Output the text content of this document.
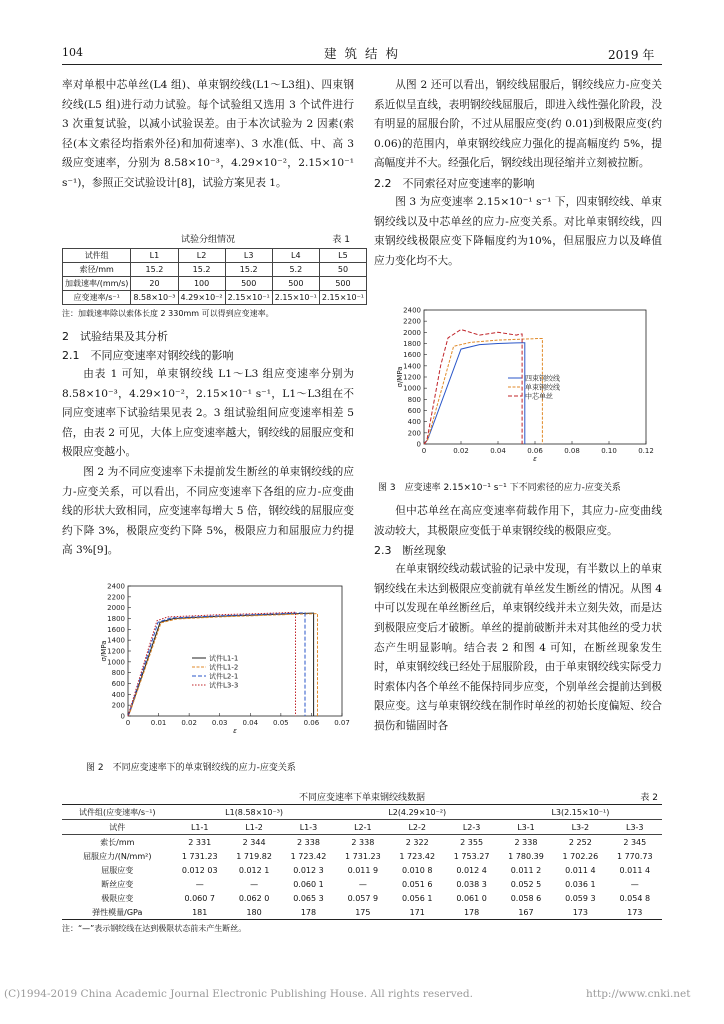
104	建 筑 结 构	2019 年

率对单根中芯单丝(L4 组)、单束钢绞线(L1～L3组)、四束钢绞线(L5 组)进行动力试验。每个试验组又选用 3 个试件进行 3 次重复试验，以减小试验误差。由于本次试验为 2 因素(索径(本文索径均指索外径)和加荷速率)、3 水准(低、中、高 3 级应变速率，分别为 8.58×10⁻³，4.29×10⁻²，2.15×10⁻¹ s⁻¹)，参照正交试验设计[8]，试验方案见表 1。

试验分组情况	表 1
试件组	L1	L2	L3	L4	L5
索径/mm	15.2	15.2	15.2	5.2	50
加载速率/(mm/s)	20	100	500	500	500
应变速率/s⁻¹	8.58×10⁻³	4.29×10⁻²	2.15×10⁻¹	2.15×10⁻¹	2.15×10⁻¹
注：加载速率除以索体长度 2 330mm 可以得到应变速率。

2　试验结果及其分析

2.1　不同应变速率对钢绞线的影响

由表 1 可知，单束钢绞线 L1～L3 组应变速率分别为 8.58×10⁻³，4.29×10⁻²，2.15×10⁻¹ s⁻¹，L1～L3组在不同应变速率下试验结果见表 2。3 组试验组间应变速率相差 5 倍，由表 2 可见，大体上应变速率越大，钢绞线的屈服应变和极限应变越小。

图 2 为不同应变速率下未提前发生断丝的单束钢绞线的应力-应变关系，可以看出，不同应变速率下各组的应力-应变曲线的形状大致相同，应变速率每增大 5 倍，钢绞线的屈服应变约下降 3%，极限应变约下降 5%，极限应力和屈服应力约提高 3%[9]。

0
200
400
600
800
1000
1200
1400
1600
1800
2000
2200
2400
0	0.01 0.02 0.03 0.04 0.05 0.06 0.07
ε
σ/MPa	试件L1-1
试件L1-2
试件L2-1
试件L3-3
图 2　不同应变速率下的单束钢绞线的应力-应变关系

从图 2 还可以看出，钢绞线屈服后，钢绞线应力-应变关系近似呈直线，表明钢绞线屈服后，即进入线性强化阶段，没有明显的屈服台阶，不过从屈服应变(约 0.01)到极限应变(约 0.06)的范围内，单束钢绞线应力强化的提高幅度约 5%，提高幅度并不大。经强化后，钢绞线出现径缩并立刻被拉断。

2.2　不同索径对应变速率的影响

图 3 为应变速率 2.15×10⁻¹ s⁻¹ 下，四束钢绞线、单束钢绞线以及中芯单丝的应力-应变关系。对比单束钢绞线，四束钢绞线极限应变下降幅度约为10%，但屈服应力以及峰值应力变化均不大。

0
200
400
600
800
1000
1200
1400
1600
1800
2000
2200
2400
0	0.02	0.04	0.06	0.08	0.10	0.12
ε
σ/MPa	四束钢绞线
单束钢绞线
中芯单丝
图 3　应变速率 2.15×10⁻¹ s⁻¹ 下不同索径的应力-应变关系

但中芯单丝在高应变速率荷载作用下，其应力-应变曲线波动较大，其极限应变低于单束钢绞线的极限应变。

2.3　断丝现象

在单束钢绞线动载试验的记录中发现，有半数以上的单束钢绞线在未达到极限应变前就有单丝发生断丝的情况。从图 4 中可以发现在单丝断丝后，单束钢绞线并未立刻失效，而是达到极限应变后才破断。单丝的提前破断并未对其他丝的受力状态产生明显影响。结合表 2 和图 4 可知，在断丝现象发生时，单束钢绞线已经处于屈服阶段，由于单束钢绞线实际受力时索体内各个单丝不能保持同步应变，个别单丝会提前达到极限应变。这与单束钢绞线在制作时单丝的初始长度偏短、绞合损伤和锚固时各

不同应变速率下单束钢绞线数据	表 2
试件组(应变速率/s⁻¹)	L1(8.58×10⁻³)			L2(4.29×10⁻²)			L3(2.15×10⁻¹)		
试件	L1-1	L1-2	L1-3	L2-1	L2-2	L2-3	L3-1	L3-2	L3-3
索长/mm	2 331	2 344	2 338	2 338	2 322	2 355	2 338	2 252	2 345
屈服应力/(N/mm²)	1 731.23	1 719.82	1 723.42	1 731.23	1 723.42	1 753.27	1 780.39	1 702.26	1 770.73
屈服应变	0.012 03	0.012 1	0.012 3	0.011 9	0.010 8	0.012 4	0.011 2	0.011 4	0.011 4
断丝应变	—	—	0.060 1	—	0.051 6	0.038 3	0.052 5	0.036 1	—
极限应变	0.060 7	0.062 0	0.065 3	0.057 9	0.056 1	0.061 0	0.058 6	0.059 3	0.054 8
弹性模量/GPa	181	180	178	175	171	178	167	173	173
注：“—”表示钢绞线在达到极限状态前未产生断丝。
(C)1994-2019 China Academic Journal Electronic Publishing House. All rights reserved.	http://www.cnki.net
